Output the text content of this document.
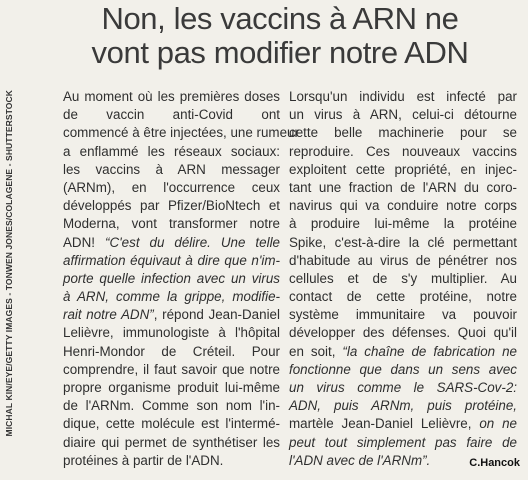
Non, les vaccins à ARN ne
vont pas modifier notre ADN
MICHAL KIN/EYE/GETTY IMAGES - TONWEN JONES/COLAGENE - SHUTTERSTOCK	Au moment où les premières doses
de vaccin anti-Covid ont
commencé à être injectées, une rumeur
a enflammé les réseaux sociaux:
les vaccins à ARN messager
(ARNm), en l'occurrence ceux
développés par Pfizer/BioNtech et
Moderna, vont transformer notre
ADN! “C'est du délire. Une telle
affirmation équivaut à dire que n'im-
porte quelle infection avec un virus
à ARN, comme la grippe, modifie-
rait notre ADN”, répond Jean-Daniel
Lelièvre, immunologiste à l'hôpital
Henri-Mondor de Créteil. Pour
comprendre, il faut savoir que notre
propre organisme produit lui-même
de l'ARNm. Comme son nom l'in-
dique, cette molécule est l'intermé-
diaire qui permet de synthétiser les
protéines à partir de l'ADN.
Lorsqu'un individu est infecté par
un virus à ARN, celui-ci détourne
cette belle machinerie pour se
reproduire. Ces nouveaux vaccins
exploitent cette propriété, en injec-
tant une fraction de l'ARN du coro-
navirus qui va conduire notre corps
à produire lui-même la protéine
Spike, c'est-à-dire la clé permettant
d'habitude au virus de pénétrer nos
cellules et de s'y multiplier. Au
contact de cette protéine, notre
système immunitaire va pouvoir
développer des défenses. Quoi qu'il
en soit, “la chaîne de fabrication ne
fonctionne que dans un sens avec
un virus comme le SARS-Cov-2:
ADN, puis ARNm, puis protéine,
martèle Jean-Daniel Lelièvre, on ne
peut tout simplement pas faire de
l'ADN avec de l'ARNm”.	C.Hancok
